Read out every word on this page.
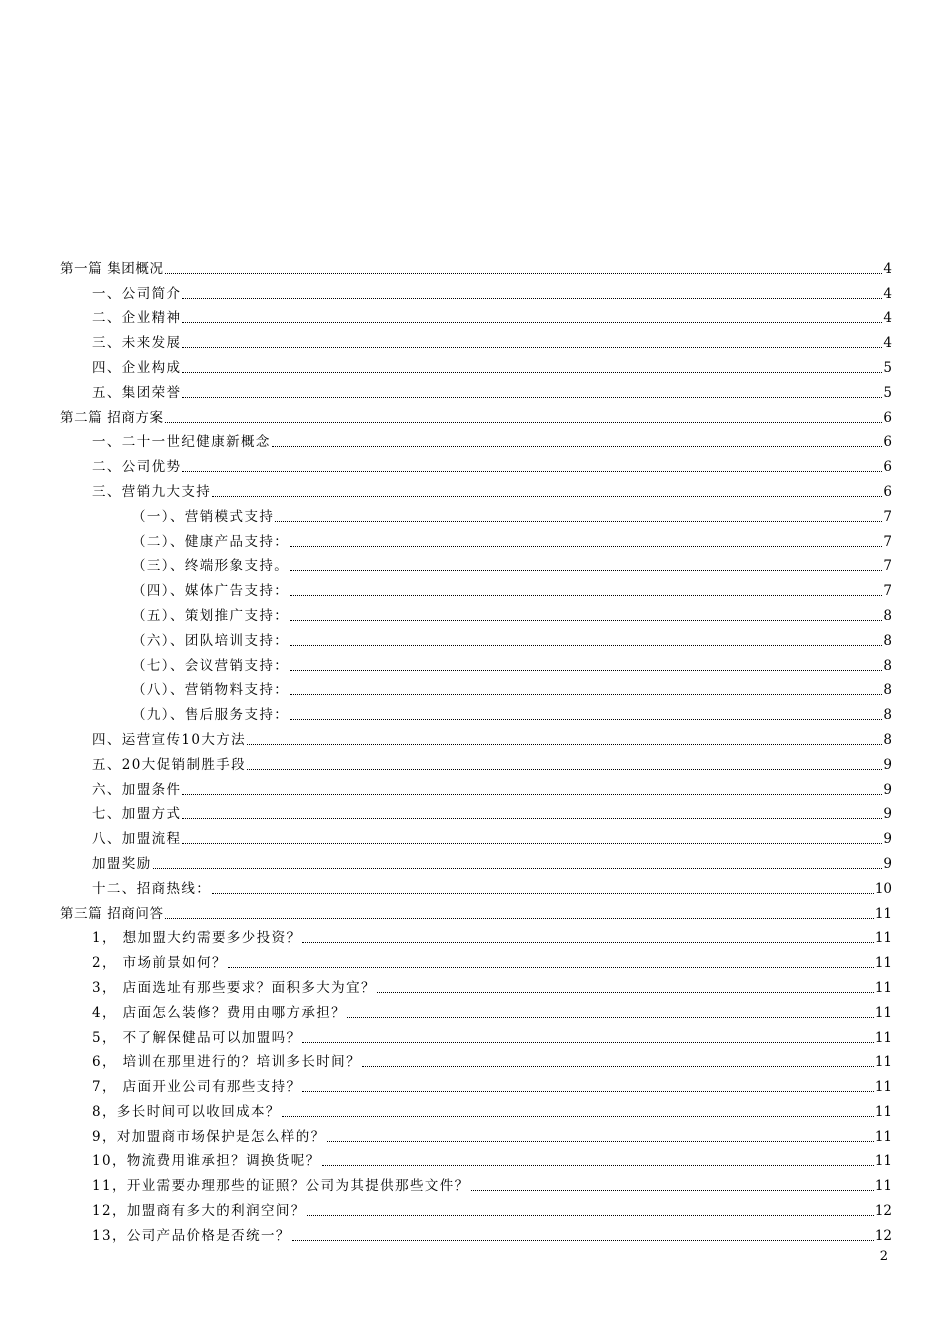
第一篇 集团概况	4
一、公司简介	4
二、企业精神	4
三、未来发展	4
四、企业构成	5
五、集团荣誉	5
第二篇 招商方案	6
一、二十一世纪健康新概念	6
二、公司优势	6
三、营销九大支持	6
（一）、营销模式支持	7
（二）、健康产品支持：	7
（三）、终端形象支持。	7
（四）、媒体广告支持：	7
（五）、策划推广支持：	8
（六）、团队培训支持：	8
（七）、会议营销支持：	8
（八）、营销物料支持：	8
（九）、售后服务支持：	8
四、运营宣传10大方法	8
五、20大促销制胜手段	9
六、加盟条件	9
七、加盟方式	9
八、加盟流程	9
加盟奖励	9
十二、招商热线：	10
第三篇 招商问答	11
1， 想加盟大约需要多少投资？	11
2， 市场前景如何？	11
3， 店面选址有那些要求？面积多大为宜？	11
4， 店面怎么装修？费用由哪方承担？	11
5， 不了解保健品可以加盟吗？	11
6， 培训在那里进行的？培训多长时间？	11
7， 店面开业公司有那些支持？	11
8，多长时间可以收回成本？	11
9，对加盟商市场保护是怎么样的？	11
10，物流费用谁承担？调换货呢？	11
11，开业需要办理那些的证照？公司为其提供那些文件？	11
12，加盟商有多大的利润空间？	12
13，公司产品价格是否统一？	12
2
